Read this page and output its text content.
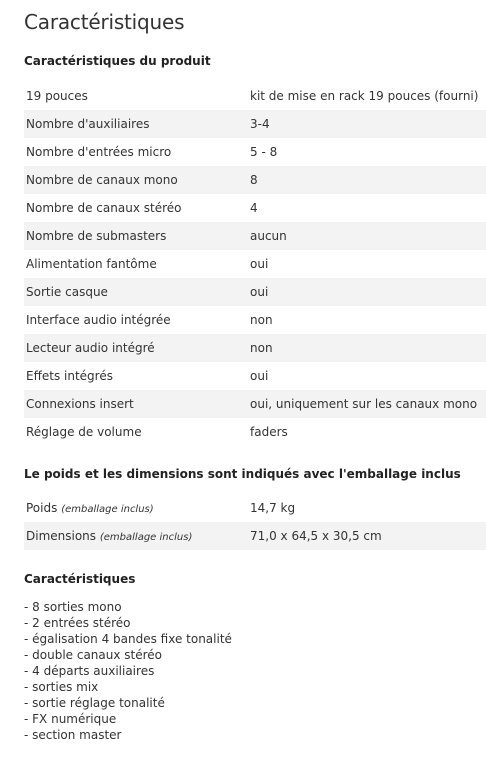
Caractéristiques
Caractéristiques du produit
19 pouces	kit de mise en rack 19 pouces (fourni)
Nombre d'auxiliaires	3-4
Nombre d'entrées micro	5 - 8
Nombre de canaux mono	8
Nombre de canaux stéréo	4
Nombre de submasters	aucun
Alimentation fantôme	oui
Sortie casque	oui
Interface audio intégrée	non
Lecteur audio intégré	non
Effets intégrés	oui
Connexions insert	oui, uniquement sur les canaux mono
Réglage de volume	faders
Le poids et les dimensions sont indiqués avec l'emballage inclus
Poids (emballage inclus)	14,7 kg
Dimensions (emballage inclus)	71,0 x 64,5 x 30,5 cm
Caractéristiques
- 8 sorties mono
- 2 entrées stéréo
- égalisation 4 bandes fixe tonalité
- double canaux stéréo
- 4 départs auxiliaires
- sorties mix
- sortie réglage tonalité
- FX numérique
- section master
